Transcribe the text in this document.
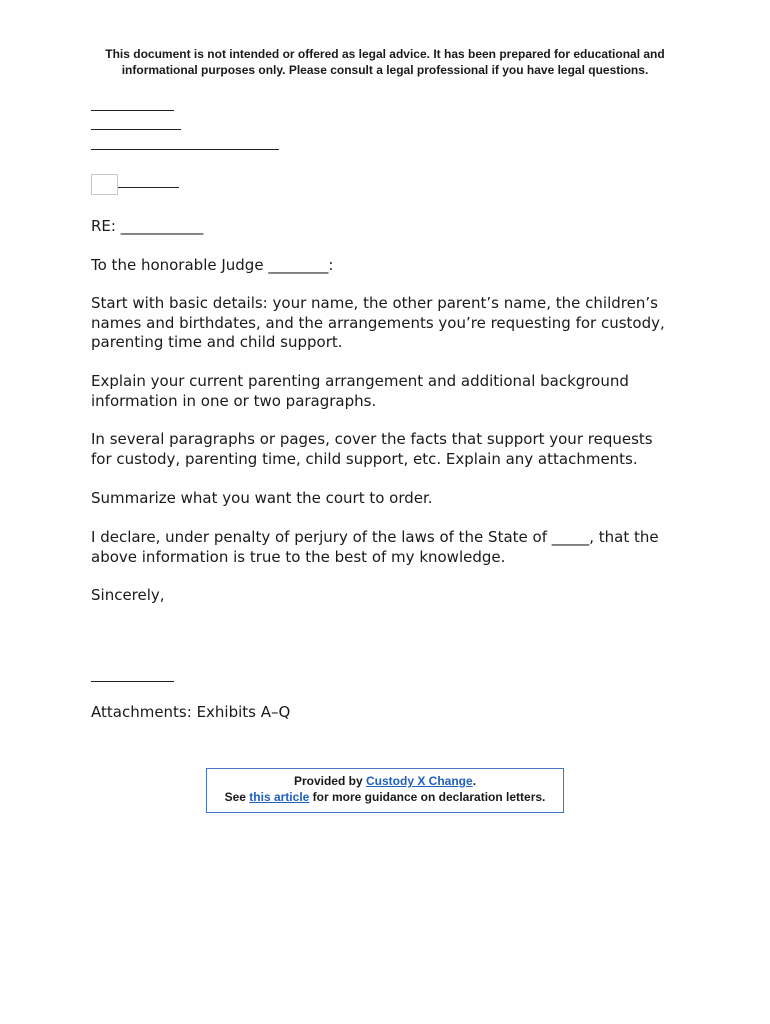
This document is not intended or offered as legal advice. It has been prepared for educational and
informational purposes only. Please consult a legal professional if you have legal questions.

RE: ___________

To the honorable Judge ________:

Start with basic details: your name, the other parent’s name, the children’s
names and birthdates, and the arrangements you’re requesting for custody,
parenting time and child support.
Explain your current parenting arrangement and additional background
information in one or two paragraphs.
In several paragraphs or pages, cover the facts that support your requests
for custody, parenting time, child support, etc. Explain any attachments.

Summarize what you want the court to order.

I declare, under penalty of perjury of the laws of the State of _____, that the
above information is true to the best of my knowledge.

Sincerely,

Attachments: Exhibits A–Q

Provided by Custody X Change.
See this article for more guidance on declaration letters.
